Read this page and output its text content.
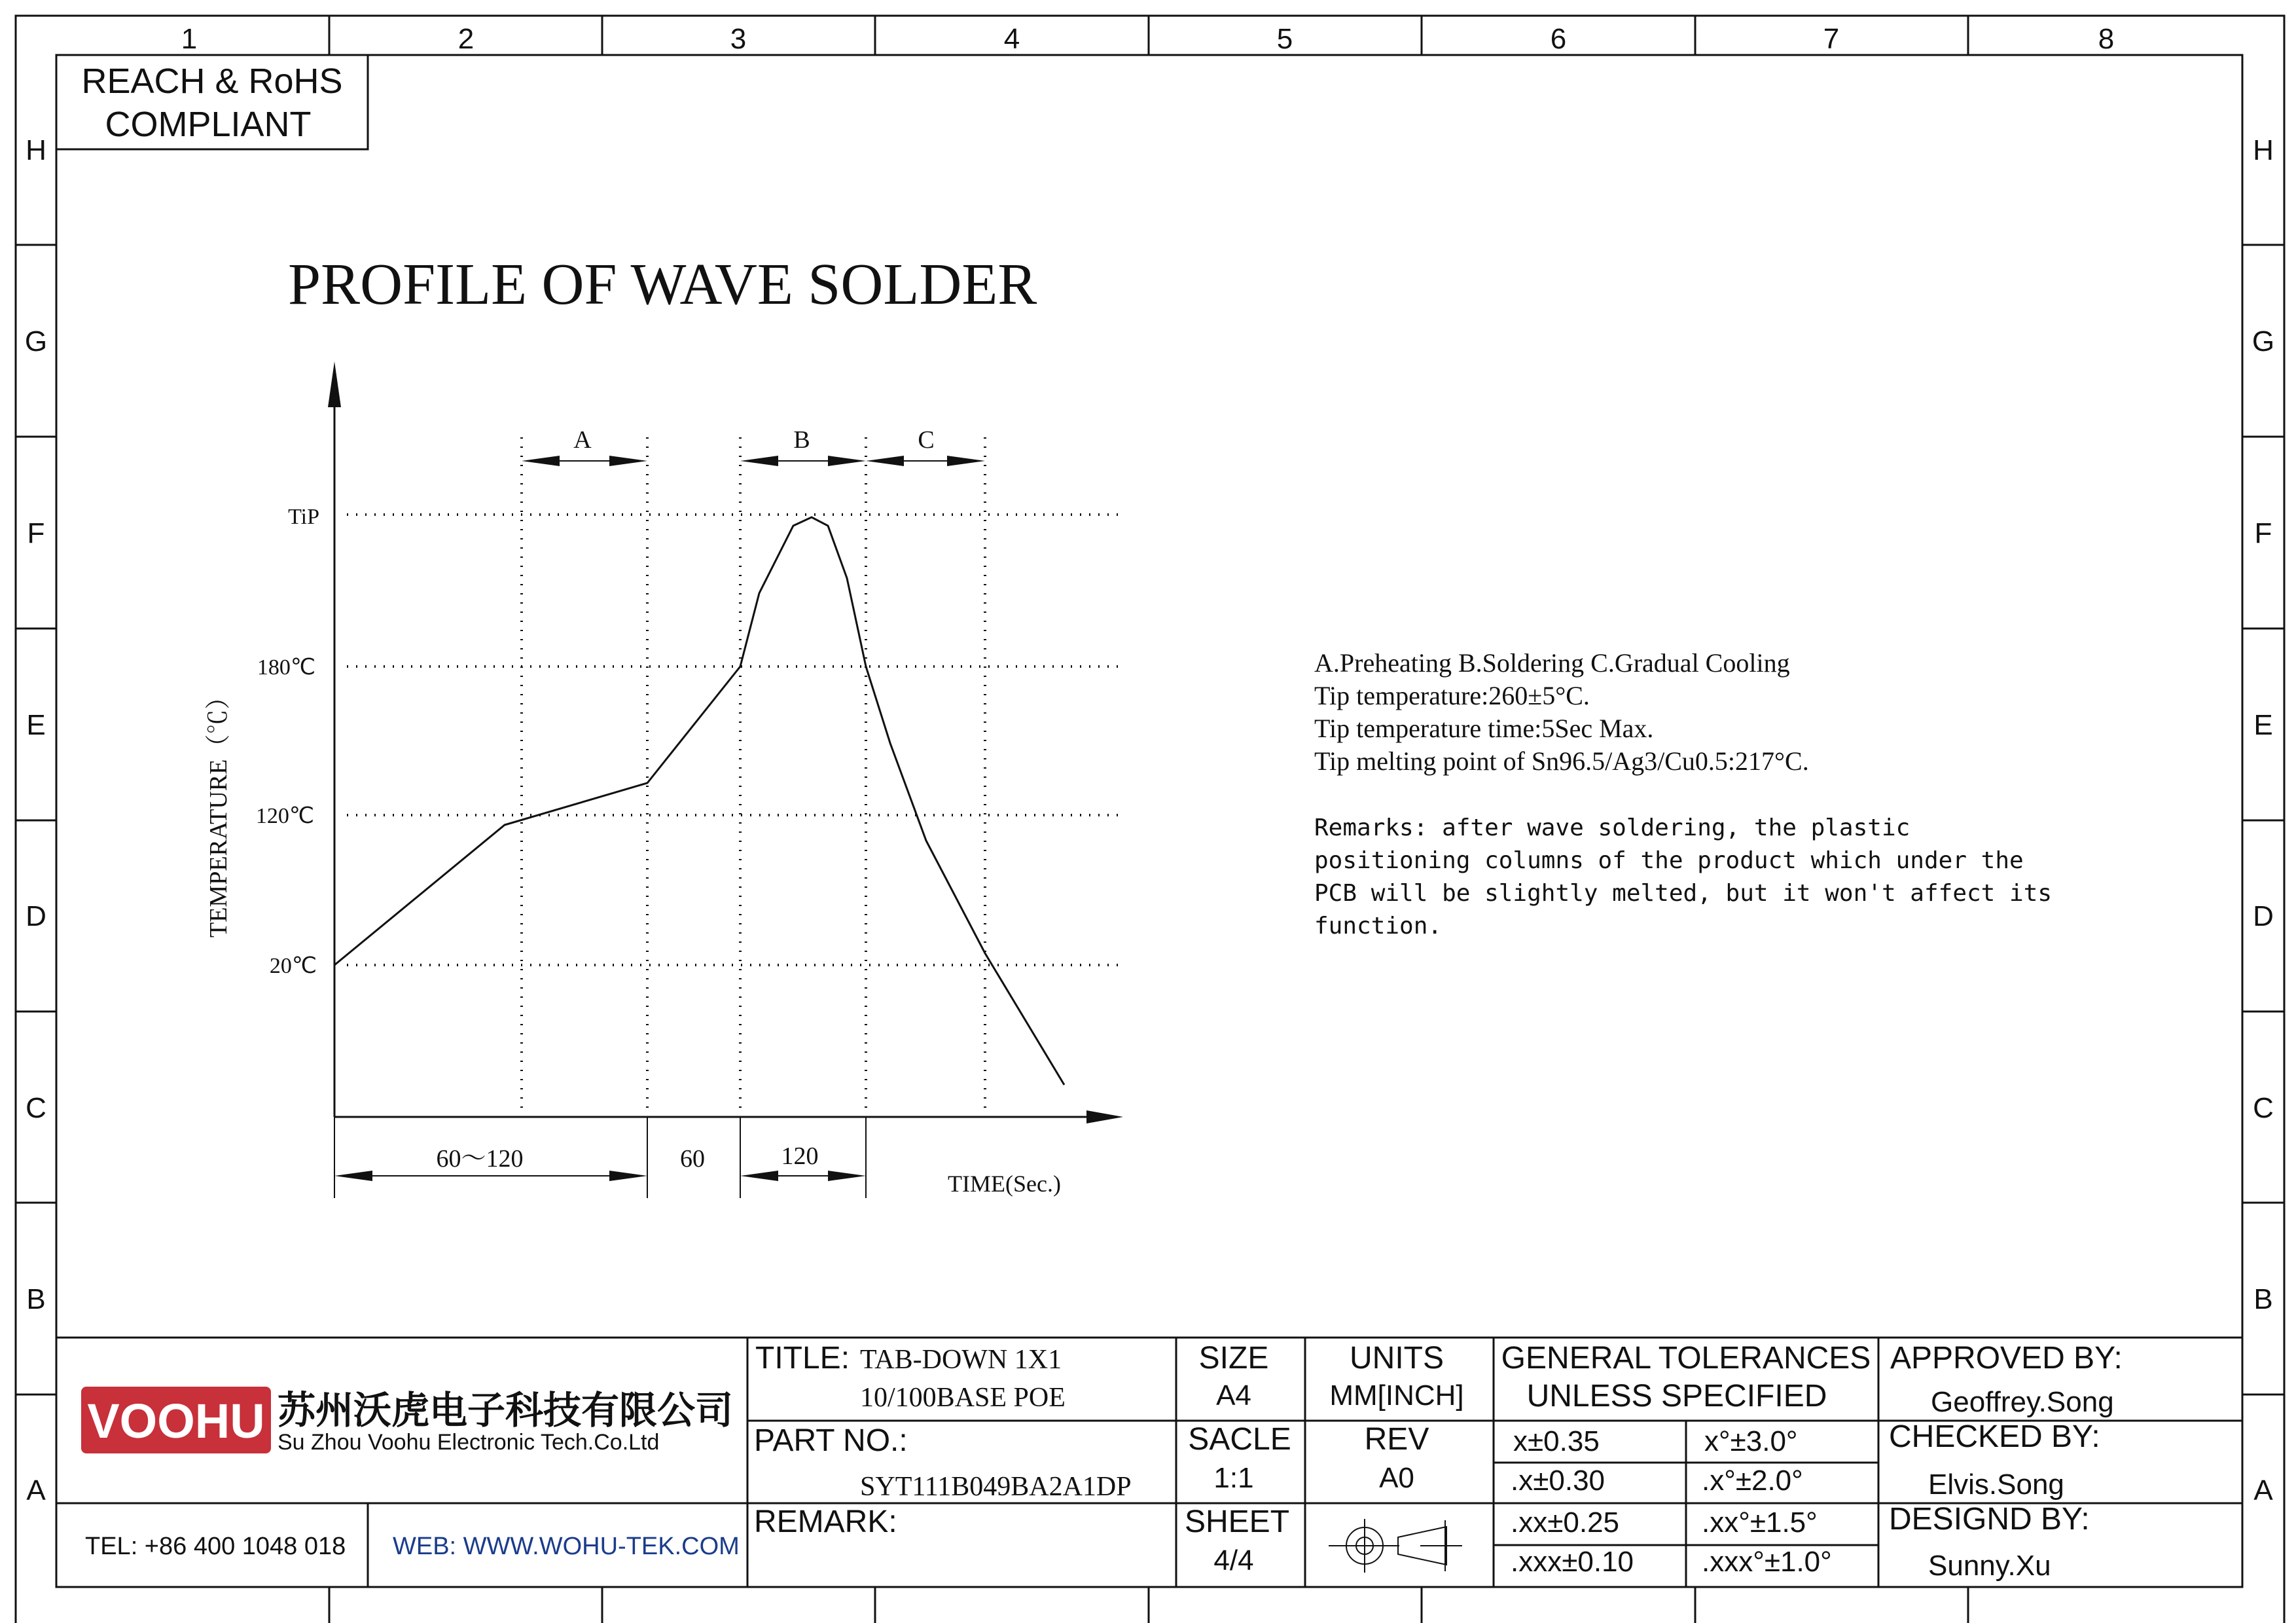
1	2	3	4	5	6	7	8
H
G
F
E
D
C
B
A
H
G
F
E
D
C
B
A
REACH & RoHS
COMPLIANT
PROFILE OF WAVE SOLDER
TiP
180℃
120℃
20℃
TEMPERATURE（℃）
A	B	C
60～120	60	120
TIME(Sec.)
A.Preheating B.Soldering C.Gradual Cooling
Tip temperature:260±5°C.
Tip temperature time:5Sec Max.
Tip melting point of Sn96.5/Ag3/Cu0.5:217°C.
Remarks: after wave soldering, the plastic
positioning columns of the product which under the
PCB will be slightly melted, but it won't affect its
function.
VOOHU 苏州沃虎电子科技有限公司
Su Zhou Voohu Electronic Tech.Co.Ltd
TEL: +86 400 1048 018 WEB: WWW.WOHU-TEK.COM
TITLE: TAB-DOWN 1X1
10/100BASE POE
PART NO.:
SYT111B049BA2A1DP
REMARK:
SIZE
A4
SACLE
1:1
SHEET
4/4
UNITS
MM[INCH]
REV
A0
GENERAL TOLERANCES
UNLESS SPECIFIED
x±0.35	x°±3.0°
.x±0.30	.x°±2.0°
.xx±0.25	.xx°±1.5°
.xxx±0.10 .xxx°±1.0°
APPROVED BY:
Geoffrey.Song
CHECKED BY:
Elvis.Song
DESIGND BY:
Sunny.Xu
